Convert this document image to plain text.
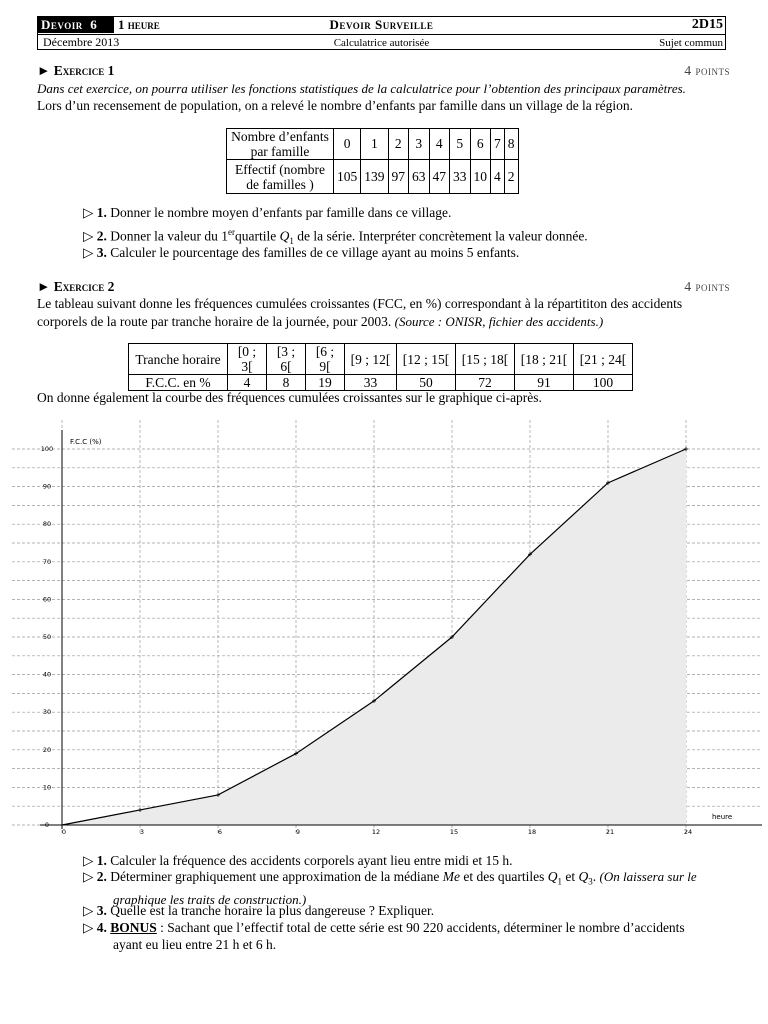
Devoir 6	1 heure	Devoir Surveille	2D15
Décembre 2013	Calculatrice autorisée	Sujet commun
► Exercice 1	4 points
Dans cet exercice, on pourra utiliser les fonctions statistiques de la calculatrice pour l’obtention des principaux paramètres.
Lors d’un recensement de population, on a relevé le nombre d’enfants par famille dans un village de la région.
Nombre d’enfants
par famille	0	1	2	3	4	5	6	7	8
Effectif (nombre
de familles )	105	139	97	63	47	33	10	4	2
▷ 1. Donner le nombre moyen d’enfants par famille dans ce village.
▷ 2. Donner la valeur du 1erquartile $Q_1$ de la série. Interpréter concrètement la valeur donnée.
▷ 3. Calculer le pourcentage des familles de ce village ayant au moins 5 enfants.
► Exercice 2	4 points
Le tableau suivant donne les fréquences cumulées croissantes (FCC, en %) correspondant à la répartititon des accidents
corporels de la route par tranche horaire de la journée, pour 2003. (Source : ONISR, fichier des accidents.)
Tranche horaire	[0 ; 3[	[3 ; 6[	[6 ; 9[	[9 ; 12[	[12 ; 15[	[15 ; 18[	[18 ; 21[	[21 ; 24[
F.C.C. en %	4	8	19	33	50	72	91	100
On donne également la courbe des fréquences cumulées croissantes sur le graphique ci-après.
0
10
20
30
40
50
60
70
80
90
100
0	3	6	9	12	15	18	21	24
F.C.C (%)
heure
▷ 1. Calculer la fréquence des accidents corporels ayant lieu entre midi et 15 h.
▷ 2. Déterminer graphiquement une approximation de la médiane Me et des quartiles $Q_1$ et $Q_3$. (On laissera sur le
graphique les traits de construction.)
▷ 3. Quelle est la tranche horaire la plus dangereuse ? Expliquer.
▷ 4. BONUS : Sachant que l’effectif total de cette série est 90 220 accidents, déterminer le nombre d’accidents
ayant eu lieu entre 21 h et 6 h.
